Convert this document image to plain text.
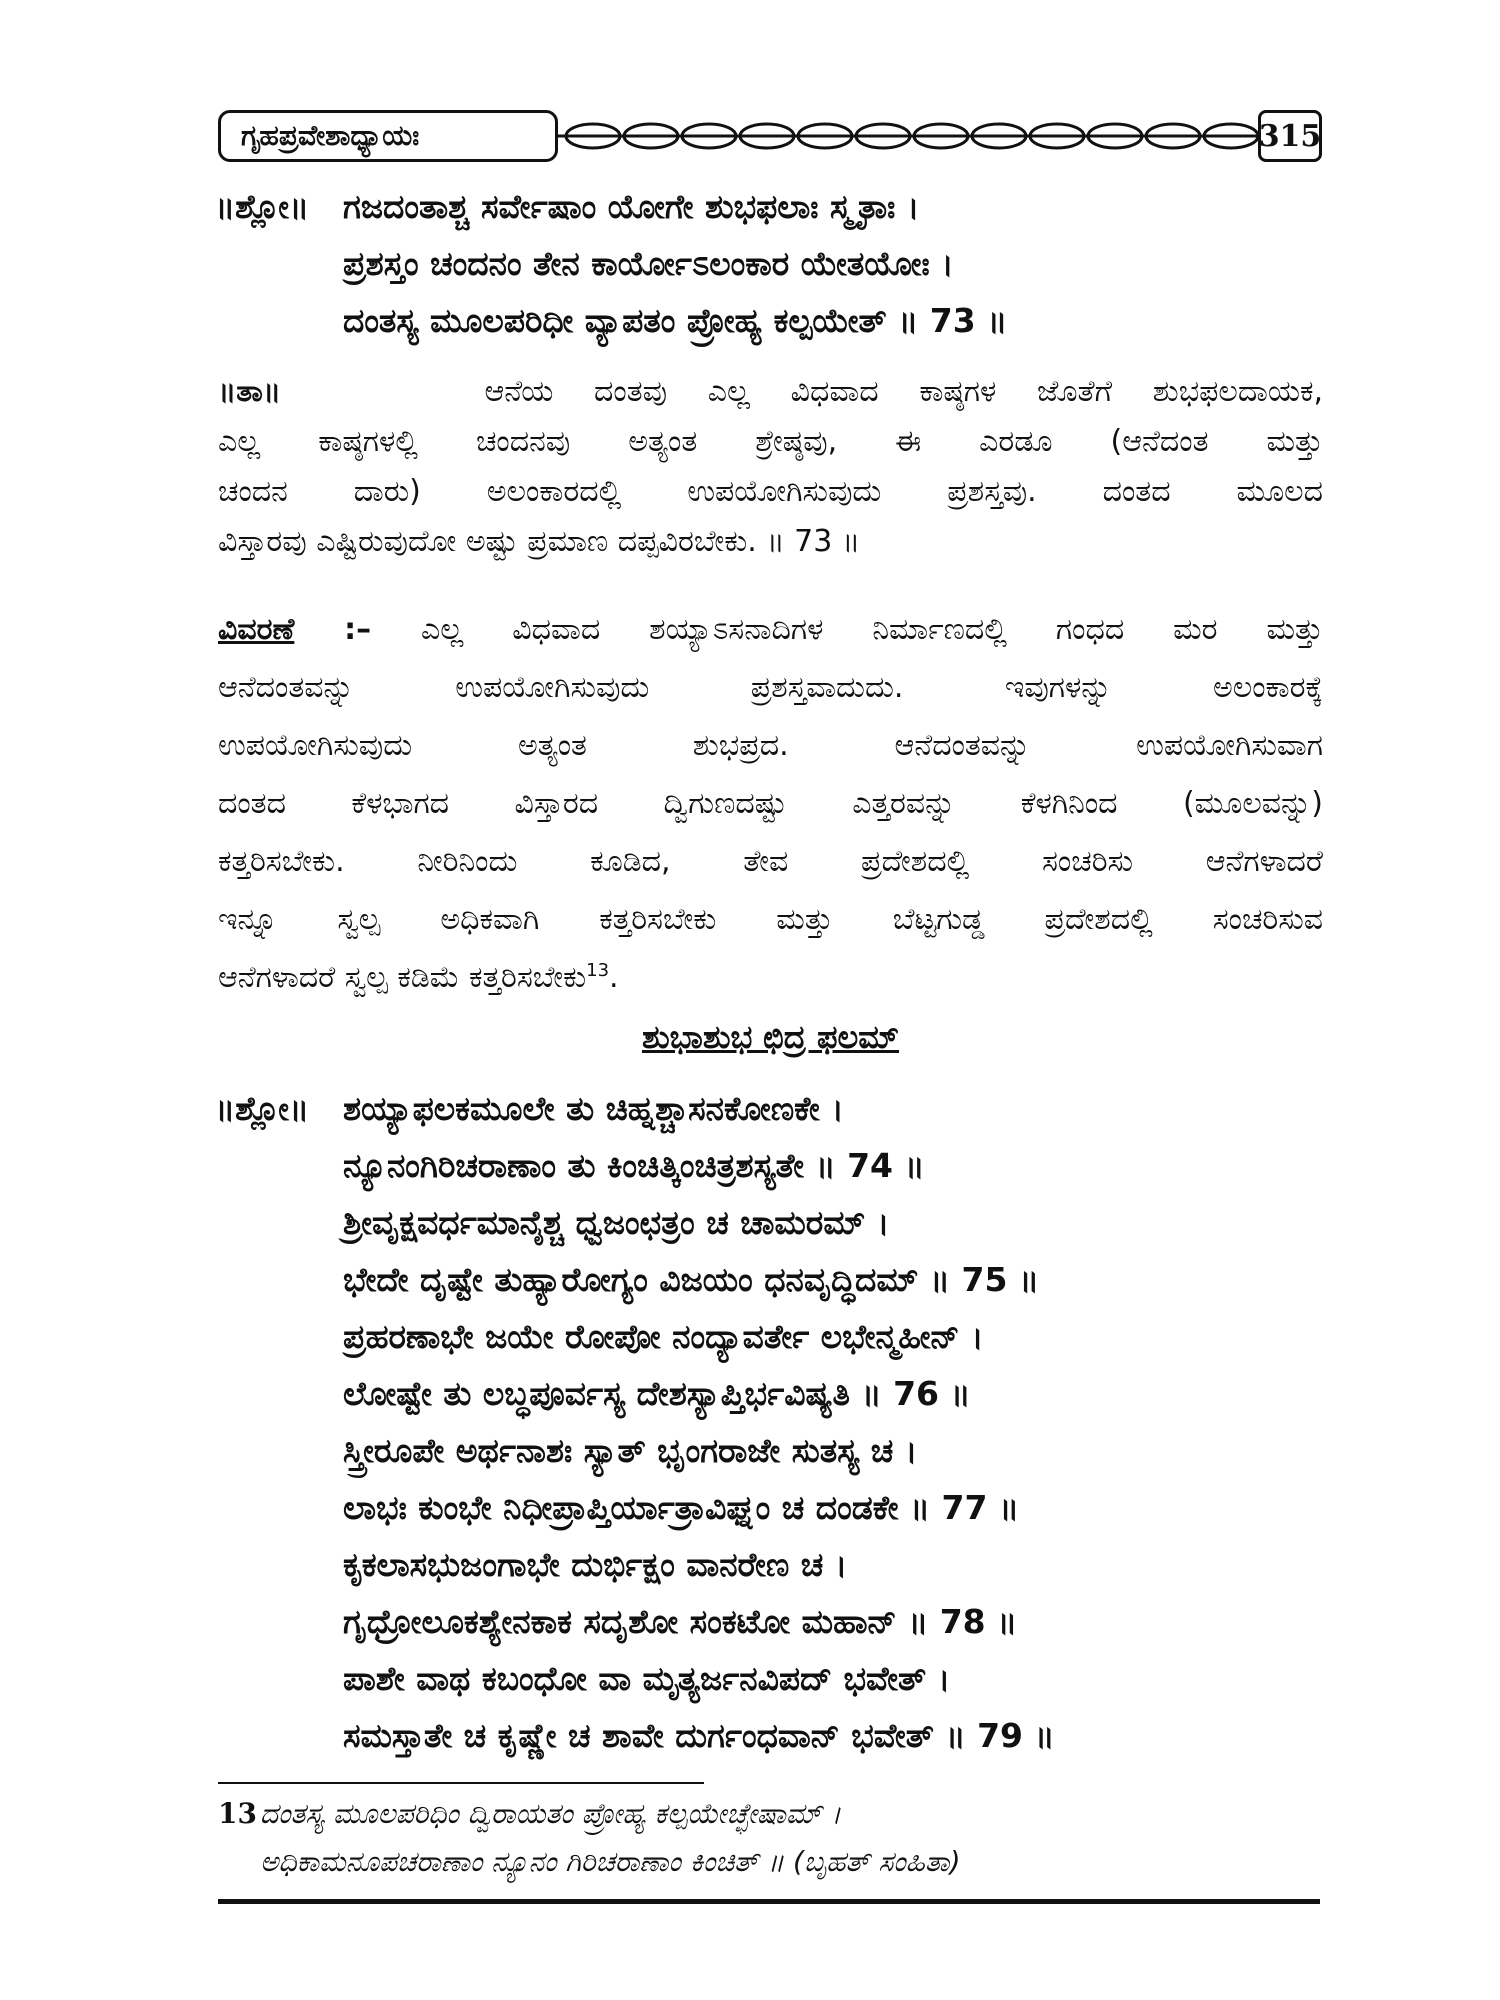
ಗೃಹಪ್ರವೇಶಾಧ್ಯಾಯಃ	315
॥ಶ್ಲೋ॥ ಗಜದಂತಾಶ್ಚ ಸರ್ವೇಷಾಂ ಯೋಗೇ ಶುಭಫಲಾಃ ಸ್ಮೃತಾಃ ।
ಪ್ರಶಸ್ತಂ ಚಂದನಂ ತೇನ ಕಾರ್ಯೋಽಲಂಕಾರ ಯೇತಯೋಃ ।
ದಂತಸ್ಯ ಮೂಲಪರಿಧೀ ವ್ಯಾಪತಂ ಪ್ರೋಹ್ಯ ಕಲ್ಪಯೇತ್ ॥ 73 ॥
॥ತಾ॥	ಆನೆಯ ದಂತವು ಎಲ್ಲ ವಿಧವಾದ ಕಾಷ್ಠಗಳ ಜೊತೆಗೆ ಶುಭಫಲದಾಯಕ,
ಎಲ್ಲ ಕಾಷ್ಠಗಳಲ್ಲಿ ಚಂದನವು ಅತ್ಯಂತ ಶ್ರೇಷ್ಠವು, ಈ ಎರಡೂ (ಆನೆದಂತ ಮತ್ತು
ಚಂದನ ದಾರು) ಅಲಂಕಾರದಲ್ಲಿ ಉಪಯೋಗಿಸುವುದು ಪ್ರಶಸ್ತವು. ದಂತದ ಮೂಲದ
ವಿಸ್ತಾರವು ಎಷ್ಟಿರುವುದೋ ಅಷ್ಟು ಪ್ರಮಾಣ ದಪ್ಪವಿರಬೇಕು. ॥ 73 ॥
ವಿವರಣೆ :– ಎಲ್ಲ ವಿಧವಾದ ಶಯ್ಯಾಽಸನಾದಿಗಳ ನಿರ್ಮಾಣದಲ್ಲಿ ಗಂಧದ ಮರ ಮತ್ತು
ಆನೆದಂತವನ್ನು ಉಪಯೋಗಿಸುವುದು ಪ್ರಶಸ್ತವಾದುದು. ಇವುಗಳನ್ನು ಅಲಂಕಾರಕ್ಕೆ
ಉಪಯೋಗಿಸುವುದು ಅತ್ಯಂತ ಶುಭಪ್ರದ. ಆನೆದಂತವನ್ನು ಉಪಯೋಗಿಸುವಾಗ
ದಂತದ ಕೆಳಭಾಗದ ವಿಸ್ತಾರದ ದ್ವಿಗುಣದಷ್ಟು ಎತ್ತರವನ್ನು ಕೆಳಗಿನಿಂದ (ಮೂಲವನ್ನು)
ಕತ್ತರಿಸಬೇಕು. ನೀರಿನಿಂದು ಕೂಡಿದ, ತೇವ ಪ್ರದೇಶದಲ್ಲಿ ಸಂಚರಿಸು ಆನೆಗಳಾದರೆ
ಇನ್ನೂ ಸ್ವಲ್ಪ ಅಧಿಕವಾಗಿ ಕತ್ತರಿಸಬೇಕು ಮತ್ತು ಬೆಟ್ಟಗುಡ್ಡ ಪ್ರದೇಶದಲ್ಲಿ ಸಂಚರಿಸುವ
ಆನೆಗಳಾದರೆ ಸ್ವಲ್ಪ ಕಡಿಮೆ ಕತ್ತರಿಸಬೇಕು$^{13}$.
ಶುಭಾಶುಭ ಛಿದ್ರ ಫಲಮ್
॥ಶ್ಲೋ॥ ಶಯ್ಯಾಫಲಕಮೂಲೇ ತು ಚಿಹ್ನಶ್ಚಾಸನಕೋಣಕೇ ।
ನ್ಯೂನಂಗಿರಿಚರಾಣಾಂ ತು ಕಿಂಚಿತ್ಕಿಂಚಿತ್ರಶಸ್ಯತೇ ॥ 74 ॥
ಶ್ರೀವೃಕ್ಷವರ್ಧಮಾನೈಶ್ಚ ಧ್ವಜಂಛತ್ರಂ ಚ ಚಾಮರಮ್ ।
ಭೇದೇ ದೃಷ್ಟೇ ತುಹ್ಯಾರೋಗ್ಯಂ ವಿಜಯಂ ಧನವೃದ್ಧಿದಮ್ ॥ 75 ॥
ಪ್ರಹರಣಾಭೇ ಜಯೇ ರೋಪೋ ನಂದ್ಯಾವರ್ತೇ ಲಭೇನ್ಮಹೀನ್ ।
ಲೋಷ್ಟೇ ತು ಲಬ್ಧಪೂರ್ವಸ್ಯ ದೇಶಸ್ಯಾಪ್ತಿರ್ಭವಿಷ್ಯತಿ ॥ 76 ॥
ಸ್ತ್ರೀರೂಪೇ ಅರ್ಥನಾಶಃ ಸ್ಯಾತ್ ಭೃಂಗರಾಜೇ ಸುತಸ್ಯ ಚ ।
ಲಾಭಃ ಕುಂಭೇ ನಿಧೀಪ್ರಾಪ್ತಿರ್ಯಾತ್ರಾವಿಘ್ನಂ ಚ ದಂಡಕೇ ॥ 77 ॥
ಕೃಕಲಾಸಭುಜಂಗಾಭೇ ದುರ್ಭಿಕ್ಷಂ ವಾನರೇಣ ಚ ।
ಗೃಧ್ರೋಲೂಕಶ್ಯೇನಕಾಕ ಸದೃಶೋ ಸಂಕಟೋ ಮಹಾನ್ ॥ 78 ॥
ಪಾಶೇ ವಾಥ ಕಬಂಧೋ ವಾ ಮೃತ್ಯರ್ಜನವಿಪದ್ ಭವೇತ್ ।
ಸಮಸ್ತಾತೇ ಚ ಕೃಷ್ಣೇ ಚ ಶಾವೇ ದುರ್ಗಂಧವಾನ್ ಭವೇತ್ ॥ 79 ॥
13 ದಂತಸ್ಯ ಮೂಲಪರಿಧಿಂ ದ್ವಿರಾಯತಂ ಪ್ರೋಹ್ಯ ಕಲ್ಪಯೇಚ್ಛೇಷಾಮ್ ।
ಅಧಿಕಾಮನೂಪಚರಾಣಾಂ ನ್ಯೂನಂ ಗಿರಿಚರಾಣಾಂ ಕಿಂಚಿತ್ ॥ (ಬೃಹತ್ ಸಂಹಿತಾ)
